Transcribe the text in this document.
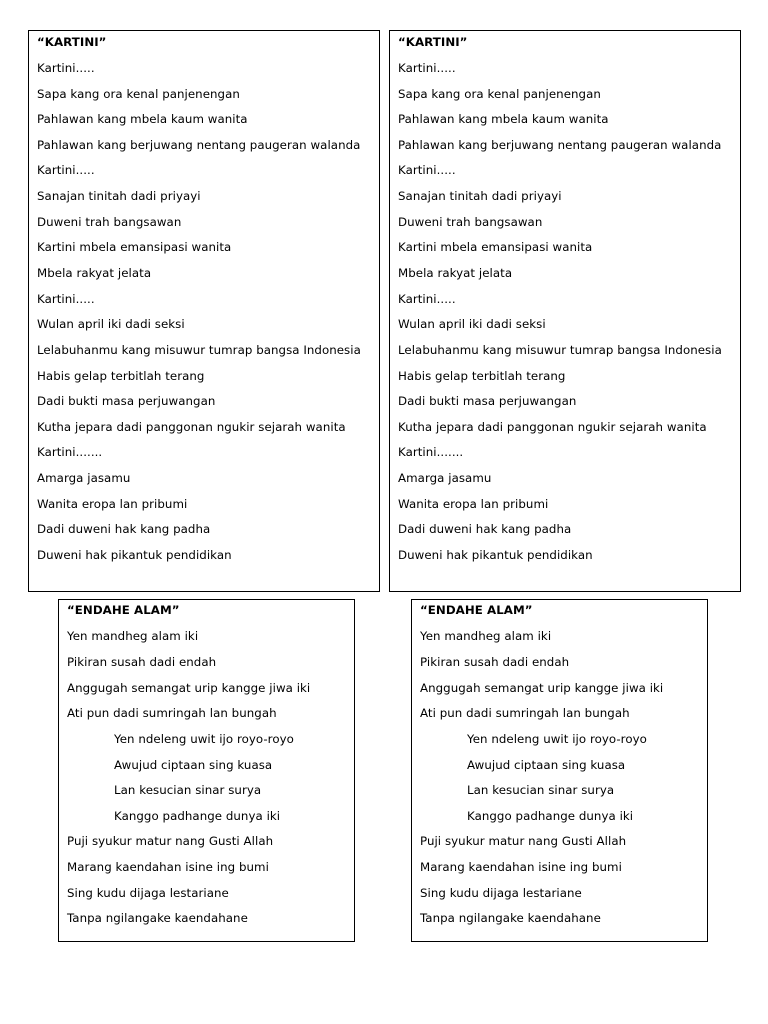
“KARTINI”
Kartini.....
Sapa kang ora kenal panjenengan
Pahlawan kang mbela kaum wanita
Pahlawan kang berjuwang nentang paugeran walanda
Kartini.....
Sanajan tinitah dadi priyayi
Duweni trah bangsawan
Kartini mbela emansipasi wanita
Mbela rakyat jelata
Kartini.....
Wulan april iki dadi seksi
Lelabuhanmu kang misuwur tumrap bangsa Indonesia
Habis gelap terbitlah terang
Dadi bukti masa perjuwangan
Kutha jepara dadi panggonan ngukir sejarah wanita
Kartini.......
Amarga jasamu
Wanita eropa lan pribumi
Dadi duweni hak kang padha
Duweni hak pikantuk pendidikan
“KARTINI”
Kartini.....
Sapa kang ora kenal panjenengan
Pahlawan kang mbela kaum wanita
Pahlawan kang berjuwang nentang paugeran walanda
Kartini.....
Sanajan tinitah dadi priyayi
Duweni trah bangsawan
Kartini mbela emansipasi wanita
Mbela rakyat jelata
Kartini.....
Wulan april iki dadi seksi
Lelabuhanmu kang misuwur tumrap bangsa Indonesia
Habis gelap terbitlah terang
Dadi bukti masa perjuwangan
Kutha jepara dadi panggonan ngukir sejarah wanita
Kartini.......
Amarga jasamu
Wanita eropa lan pribumi
Dadi duweni hak kang padha
Duweni hak pikantuk pendidikan
“ENDAHE ALAM”
Yen mandheg alam iki
Pikiran susah dadi endah
Anggugah semangat urip kangge jiwa iki
Ati pun dadi sumringah lan bungah
Yen ndeleng uwit ijo royo-royo
Awujud ciptaan sing kuasa
Lan kesucian sinar surya
Kanggo padhange dunya iki
Puji syukur matur nang Gusti Allah
Marang kaendahan isine ing bumi
Sing kudu dijaga lestariane
Tanpa ngilangake kaendahane
“ENDAHE ALAM”
Yen mandheg alam iki
Pikiran susah dadi endah
Anggugah semangat urip kangge jiwa iki
Ati pun dadi sumringah lan bungah
Yen ndeleng uwit ijo royo-royo
Awujud ciptaan sing kuasa
Lan kesucian sinar surya
Kanggo padhange dunya iki
Puji syukur matur nang Gusti Allah
Marang kaendahan isine ing bumi
Sing kudu dijaga lestariane
Tanpa ngilangake kaendahane
